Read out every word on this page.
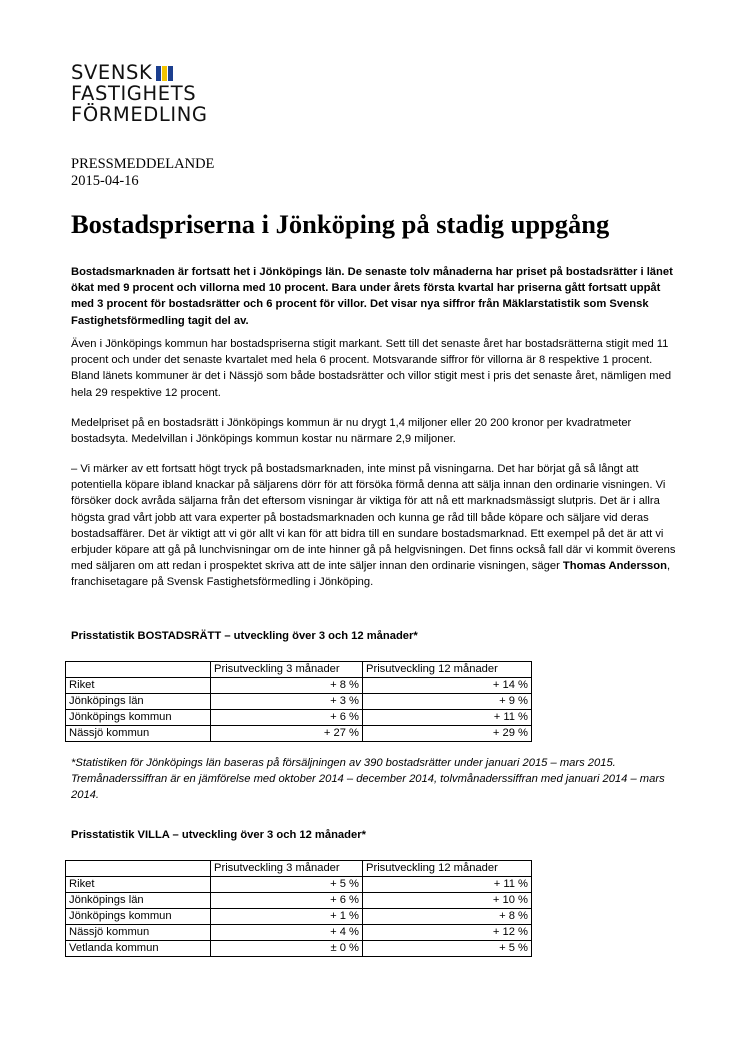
SVENSK
FASTIGHETS
FÖRMEDLING
PRESSMEDDELANDE
2015-04-16
Bostadspriserna i Jönköping på stadig uppgång

Bostadsmarknaden är fortsatt het i Jönköpings län. De senaste tolv månaderna har priset på bostadsrätter i länet ökat med 9 procent och villorna med 10 procent. Bara under årets första kvartal har priserna gått fortsatt uppåt med 3 procent för bostadsrätter och 6 procent för villor. Det visar nya siffror från Mäklarstatistik som Svensk Fastighetsförmedling tagit del av.

Även i Jönköpings kommun har bostadspriserna stigit markant. Sett till det senaste året har bostadsrätterna stigit med 11 procent och under det senaste kvartalet med hela 6 procent. Motsvarande siffror för villorna är 8 respektive 1 procent. Bland länets kommuner är det i Nässjö som både bostadsrätter och villor stigit mest i pris det senaste året, nämligen med hela 29 respektive 12 procent.

Medelpriset på en bostadsrätt i Jönköpings kommun är nu drygt 1,4 miljoner eller 20 200 kronor per kvadratmeter bostadsyta. Medelvillan i Jönköpings kommun kostar nu närmare 2,9 miljoner.

– Vi märker av ett fortsatt högt tryck på bostadsmarknaden, inte minst på visningarna. Det har börjat gå så långt att potentiella köpare ibland knackar på säljarens dörr för att försöka förmå denna att sälja innan den ordinarie visningen. Vi försöker dock avråda säljarna från det eftersom visningar är viktiga för att nå ett marknadsmässigt slutpris. Det är i allra högsta grad vårt jobb att vara experter på bostadsmarknaden och kunna ge råd till både köpare och säljare vid deras bostadsaffärer. Det är viktigt att vi gör allt vi kan för att bidra till en sundare bostadsmarknad. Ett exempel på det är att vi erbjuder köpare att gå på lunchvisningar om de inte hinner gå på helgvisningen. Det finns också fall där vi kommit överens med säljaren om att redan i prospektet skriva att de inte säljer innan den ordinarie visningen, säger Thomas Andersson, franchisetagare på Svensk Fastighetsförmedling i Jönköping.

Prisstatistik BOSTADSRÄTT – utveckling över 3 och 12 månader*
	Prisutveckling 3 månader	Prisutveckling 12 månader
Riket	+ 8 %	+ 14 %
Jönköpings län	+ 3 %	+ 9 %
Jönköpings kommun	+ 6 %	+ 11 %
Nässjö kommun	+ 27 %	+ 29 %
*Statistiken för Jönköpings län baseras på försäljningen av 390 bostadsrätter under januari 2015 – mars 2015. Tremånaderssiffran är en jämförelse med oktober 2014 – december 2014, tolvmånaderssiffran med januari 2014 – mars 2014.
Prisstatistik VILLA – utveckling över 3 och 12 månader*
	Prisutveckling 3 månader	Prisutveckling 12 månader
Riket	+ 5 %	+ 11 %
Jönköpings län	+ 6 %	+ 10 %
Jönköpings kommun	+ 1 %	+ 8 %
Nässjö kommun	+ 4 %	+ 12 %
Vetlanda kommun	± 0 %	+ 5 %
